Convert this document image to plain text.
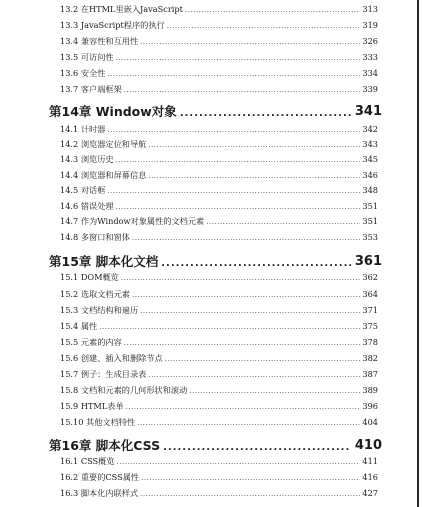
13.2 在HTML里嵌入JavaScript .....	313
13.3 JavaScript程序的执行 .....	319
13.4 兼容性和互用性 .....	326
13.5 可访问性 .....	333
13.6 安全性 .....	334
13.7 客户端框架 .....	339
第14章 Window对象 .....	341
14.1 计时器 .....	342
14.2 浏览器定位和导航 .....	343
14.3 浏览历史 .....	345
14.4 浏览器和屏幕信息 .....	346
14.5 对话框 .....	348
14.6 错误处理 .....	351
14.7 作为Window对象属性的文档元素 .....	351
14.8 多窗口和窗体 .....	353
第15章 脚本化文档 .....	361
15.1 DOM概览 .....	362
15.2 选取文档元素 .....	364
15.3 文档结构和遍历 .....	371
15.4 属性 .....	375
15.5 元素的内容 .....	378
15.6 创建、插入和删除节点 .....	382
15.7 例子：生成目录表 .....	387
15.8 文档和元素的几何形状和滚动 .....	389
15.9 HTML表单 .....	396
15.10 其他文档特性 .....	404
第16章 脚本化CSS .....	410
16.1 CSS概览 .....	411
16.2 重要的CSS属性 .....	416
16.3 脚本化内联样式 .....	427
